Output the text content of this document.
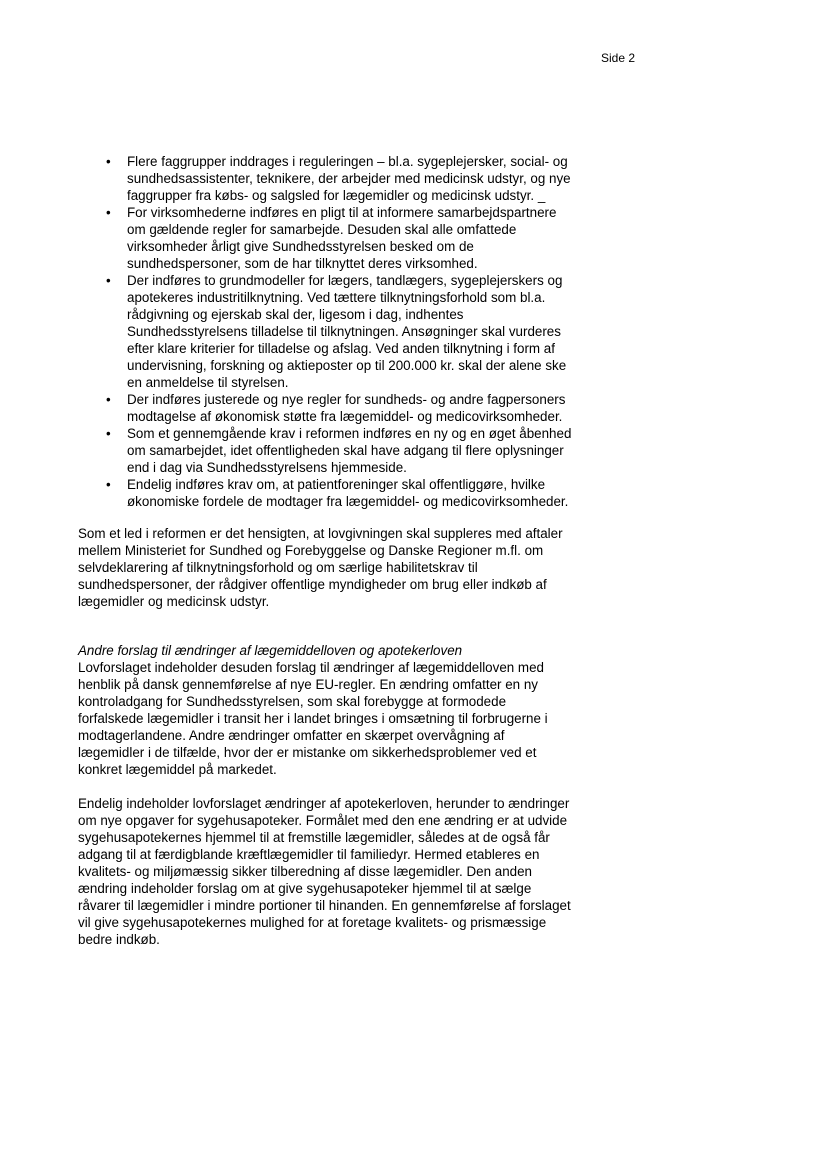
Side 2
• Flere faggrupper inddrages i reguleringen – bl.a. sygeplejersker, social- og sundhedsassistenter, teknikere, der arbejder med medicinsk udstyr, og nye faggrupper fra købs- og salgsled for lægemidler og medicinsk udstyr. _
• For virksomhederne indføres en pligt til at informere samarbejdspartnere om gældende regler for samarbejde. Desuden skal alle omfattede virksomheder årligt give Sundhedsstyrelsen besked om de sundhedspersoner, som de har tilknyttet deres virksomhed.
• Der indføres to grundmodeller for lægers, tandlægers, sygeplejerskers og apotekeres industritilknytning. Ved tættere tilknytningsforhold som bl.a. rådgivning og ejerskab skal der, ligesom i dag, indhentes Sundhedsstyrelsens tilladelse til tilknytningen. Ansøgninger skal vurderes efter klare kriterier for tilladelse og afslag. Ved anden tilknytning i form af undervisning, forskning og aktieposter op til 200.000 kr. skal der alene ske en anmeldelse til styrelsen.
• Der indføres justerede og nye regler for sundheds- og andre fagpersoners modtagelse af økonomisk støtte fra lægemiddel- og medicovirksomheder.
• Som et gennemgående krav i reformen indføres en ny og en øget åbenhed om samarbejdet, idet offentligheden skal have adgang til flere oplysninger end i dag via Sundhedsstyrelsens hjemmeside.
• Endelig indføres krav om, at patientforeninger skal offentliggøre, hvilke økonomiske fordele de modtager fra lægemiddel- og medicovirksomheder.

Som et led i reformen er det hensigten, at lovgivningen skal suppleres med aftaler mellem Ministeriet for Sundhed og Forebyggelse og Danske Regioner m.fl. om selvdeklarering af tilknytningsforhold og om særlige habilitetskrav til sundhedspersoner, der rådgiver offentlige myndigheder om brug eller indkøb af lægemidler og medicinsk udstyr.

Andre forslag til ændringer af lægemiddelloven og apotekerloven

Lovforslaget indeholder desuden forslag til ændringer af lægemiddelloven med henblik på dansk gennemførelse af nye EU-regler. En ændring omfatter en ny kontroladgang for Sundhedsstyrelsen, som skal forebygge at formodede forfalskede lægemidler i transit her i landet bringes i omsætning til forbrugerne i modtagerlandene. Andre ændringer omfatter en skærpet overvågning af lægemidler i de tilfælde, hvor der er mistanke om sikkerhedsproblemer ved et konkret lægemiddel på markedet.

Endelig indeholder lovforslaget ændringer af apotekerloven, herunder to ændringer om nye opgaver for sygehusapoteker. Formålet med den ene ændring er at udvide sygehusapotekernes hjemmel til at fremstille lægemidler, således at de også får adgang til at færdigblande kræftlægemidler til familiedyr. Hermed etableres en kvalitets- og miljømæssig sikker tilberedning af disse lægemidler. Den anden ændring indeholder forslag om at give sygehusapoteker hjemmel til at sælge råvarer til lægemidler i mindre portioner til hinanden. En gennemførelse af forslaget vil give sygehusapotekernes mulighed for at foretage kvalitets- og prismæssige bedre indkøb.
